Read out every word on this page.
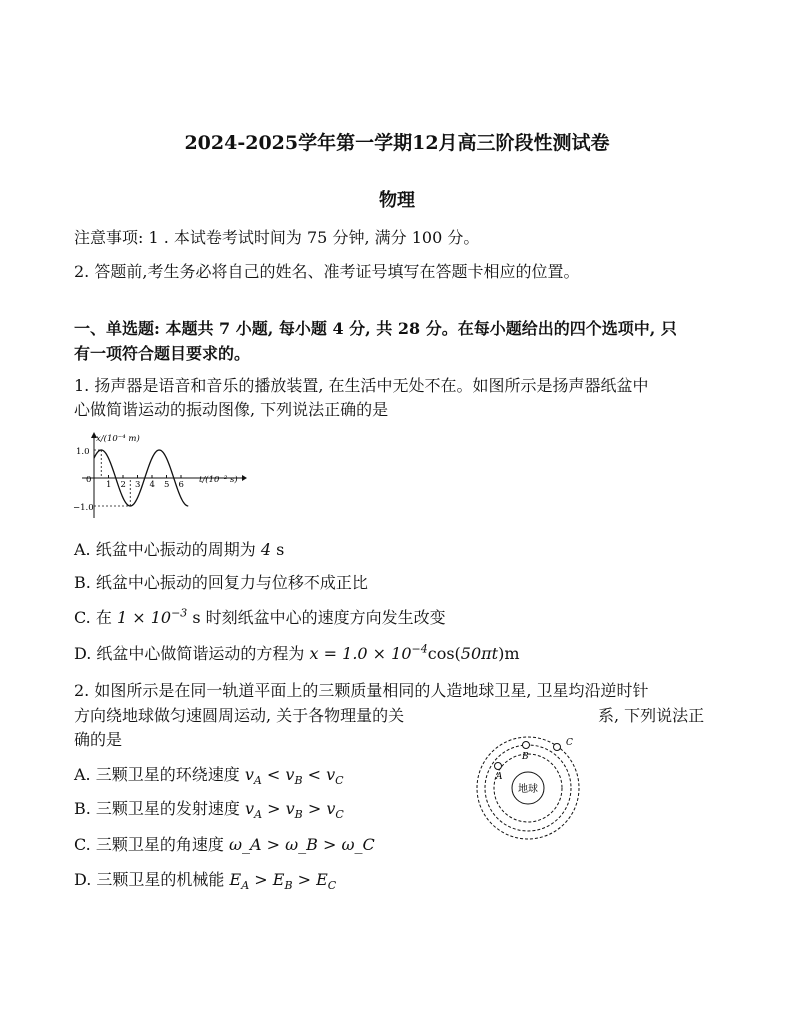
2024-2025学年第一学期12月高三阶段性测试卷
物理
注意事项: 1 . 本试卷考试时间为 75 分钟, 满分 100 分。
2. 答题前,考生务必将自己的姓名、准考证号填写在答题卡相应的位置。
一、单选题: 本题共 7 小题, 每小题 4 分, 共 28 分。在每小题给出的四个选项中, 只
有一项符合题目要求的。
1. 扬声器是语音和音乐的播放装置, 在生活中无处不在。如图所示是扬声器纸盆中
心做简谐运动的振动图像, 下列说法正确的是
1 2 3 4 5 6
x/(10⁻⁴ m)
t/(10⁻² s)
1.0
−1.0
0
A. 纸盆中心振动的周期为 4 s
B. 纸盆中心振动的回复力与位移不成正比
C. 在 $1 \times 10^{-3}$ s 时刻纸盆中心的速度方向发生改变
D. 纸盆中心做简谐运动的方程为 $x = 1.0 \times 10^{-4}\cos(50\pi t)m$
2. 如图所示是在同一轨道平面上的三颗质量相同的人造地球卫星, 卫星均沿逆时针
方向绕地球做匀速圆周运动, 关于各物理量的关	系, 下列说法正
确的是
地球
A
B
C
A. 三颗卫星的环绕速度 $v_A < v_B < v_C$
B. 三颗卫星的发射速度 $v_A > v_B > v_C$
C. 三颗卫星的角速度 ω_A > ω_B > ω_C
D. 三颗卫星的机械能 $E_A > E_B > E_C$
